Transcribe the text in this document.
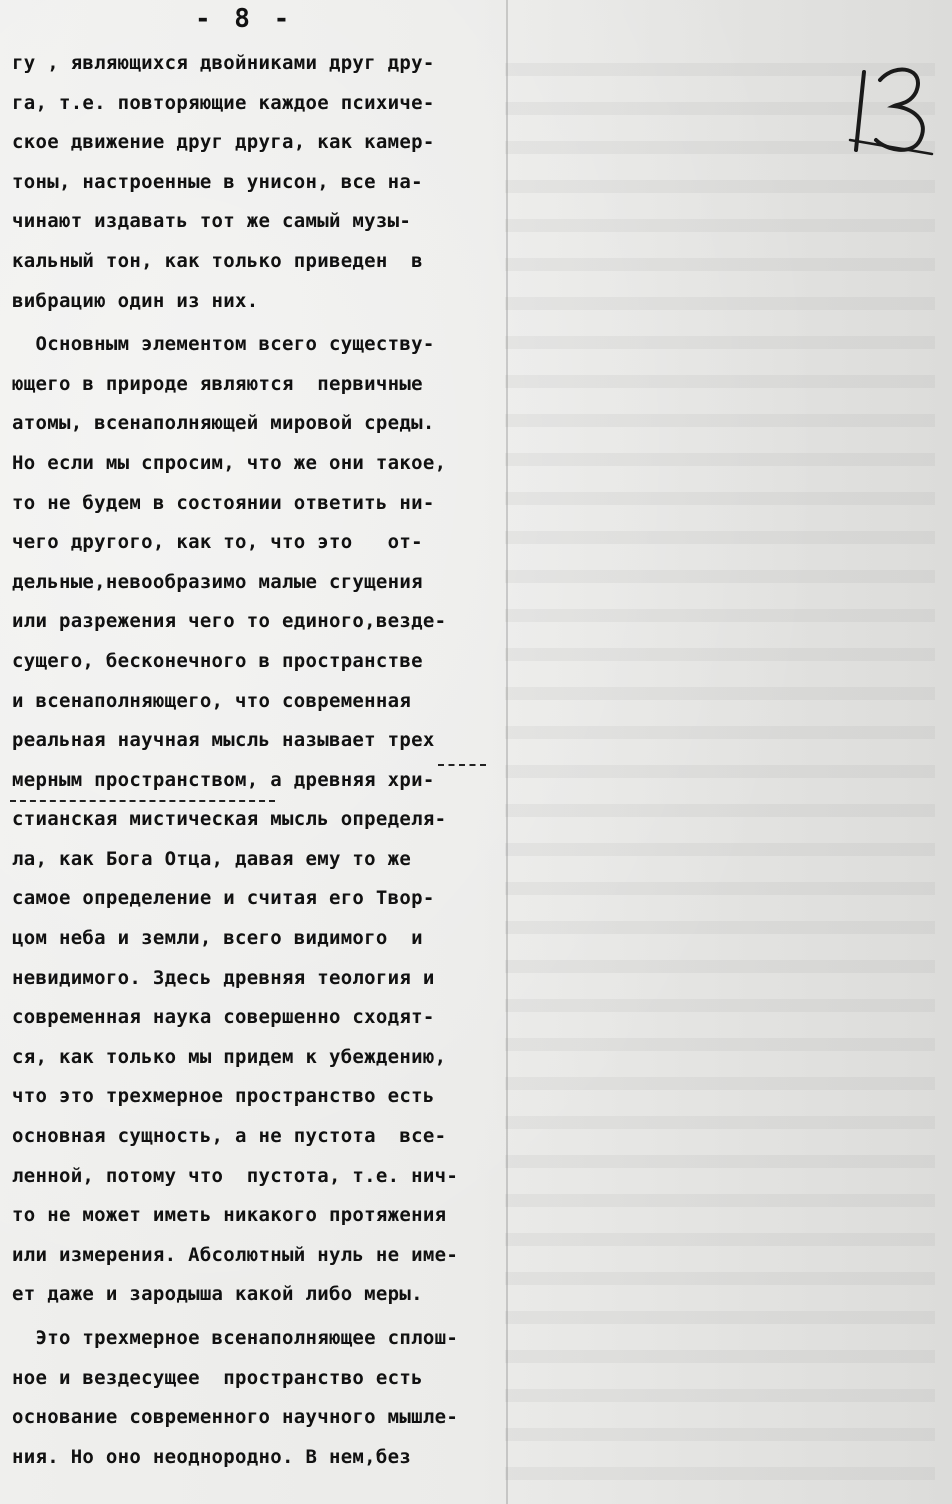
- 8 -
гу , являющихся двойниками друг дру-
га, т.е. повторяющие каждое психиче-
ское движение друг друга, как камер-
тоны, настроенные в унисон, все на-
чинают издавать тот же самый музы-
кальный тон, как только приведен  в
вибрацию один из них.
Основным элементом всего существу-
ющего в природе являются  первичные
атомы, всенаполняющей мировой среды.
Но если мы спросим, что же они такое,
то не будем в состоянии ответить ни-
чего другого, как то, что это   от-
дельные,невообразимо малые сгущения
или разрежения чего то единого,везде-
сущего, бесконечного в пространстве
и всенаполняющего, что современная
реальная научная мысль называет трех
мерным пространством, а древняя хри-
стианская мистическая мысль определя-
ла, как Бога Отца, давая ему то же
самое определение и считая его Твор-
цом неба и земли, всего видимого  и
невидимого. Здесь древняя теология и
современная наука совершенно сходят-
ся, как только мы придем к убеждению,
что это трехмерное пространство есть
основная сущность, а не пустота  все-
ленной, потому что  пустота, т.е. нич-
то не может иметь никакого протяжения
или измерения. Абсолютный нуль не име-
ет даже и зародыша какой либо меры.
Это трехмерное всенаполняющее сплош-
ное и вездесущее  пространство есть
основание современного научного мышле-
ния. Но оно неоднородно. В нем,без
